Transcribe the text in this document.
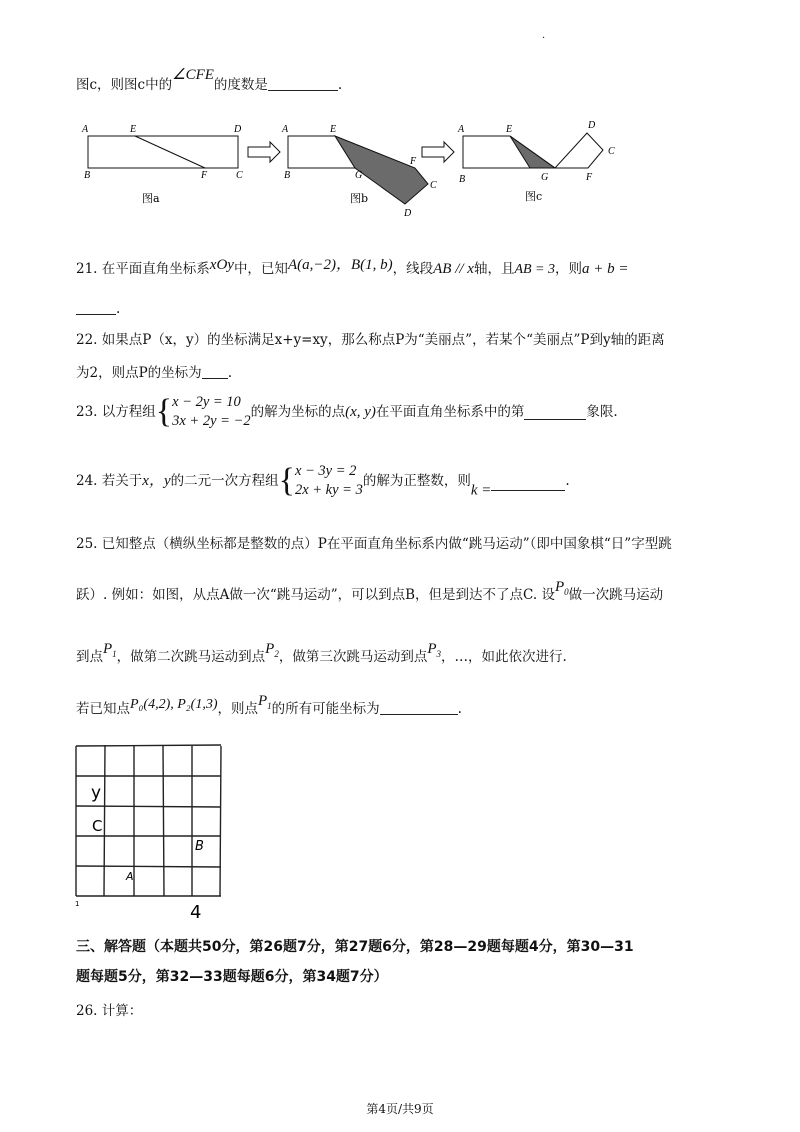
.
图c，则图c中的∠CFE的度数是	.
A	E	D
B	F	C
图a
A	E
B	G
F
C
D
图b
A	E	D
C
B	G	F
图c
21. 在平面直角坐标系xOy中，已知A(a,−2)，B(1, b)，线段AB // x轴，且AB = 3，则a + b =
.
22. 如果点P（x，y）的坐标满足x+y=xy，那么称点P为“美丽点”，若某个“美丽点”P到y轴的距离
为2，则点P的坐标为 .
23. 以方程组{ x − 2y = 10
3x + 2y = −2
的解为坐标的点(x, y)在平面直角坐标系中的第	象限.
24. 若关于x，y的二元一次方程组{ x − 3y = 2
2x + ky = 3
的解为正整数，则k =.
25. 已知整点（横纵坐标都是整数的点）P在平面直角坐标系内做“跳马运动”（即中国象棋“日”字型跳
跃）. 例如：如图，从点A做一次“跳马运动”，可以到点B，但是到达不了点C. 设$P_0$做一次跳马运动
到点$P_1$，做第二次跳马运动到点$P_2$，做第三次跳马运动到点$P_3$，…，如此依次进行.
若已知点P₀(4,2), P₂(1,3)，则点$P_1$的所有可能坐标为	.
y
C
B
A
4
1
三、解答题（本题共50分，第26题7分，第27题6分，第28—29题每题4分，第30—31
题每题5分，第32—33题每题6分，第34题7分）
26. 计算：
第4页/共9页
